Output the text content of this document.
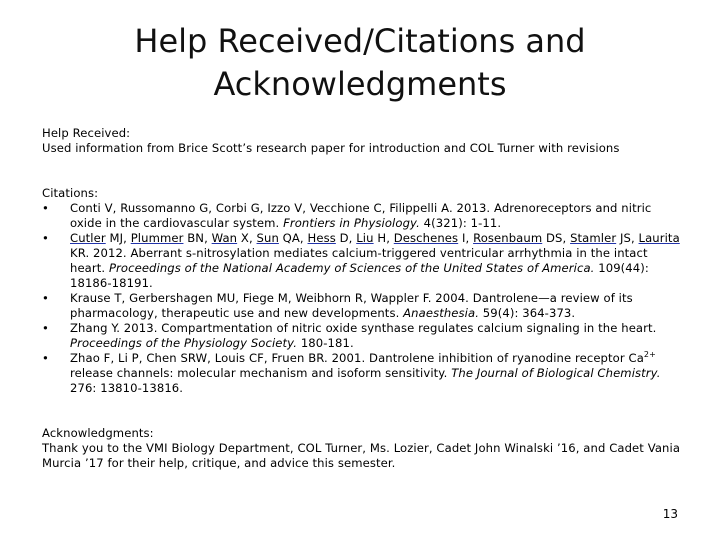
Help Received/Citations and
Acknowledgments

Help Received:

Used information from Brice Scott’s research paper for introduction and COL Turner with revisions

Citations:

• Conti V, Russomanno G, Corbi G, Izzo V, Vecchione C, Filippelli A. 2013. Adrenoreceptors and nitric oxide in the cardiovascular system. Frontiers in Physiology. 4(321): 1-11.
• Cutler MJ, Plummer BN, Wan X, Sun QA, Hess D, Liu H, Deschenes I, Rosenbaum DS, Stamler JS, Laurita KR. 2012. Aberrant s-nitrosylation mediates calcium-triggered ventricular arrhythmia in the intact heart. Proceedings of the National Academy of Sciences of the United States of America. 109(44): 18186-18191.
• Krause T, Gerbershagen MU, Fiege M, Weibhorn R, Wappler F. 2004. Dantrolene—a review of its pharmacology, therapeutic use and new developments. Anaesthesia. 59(4): 364-373.
• Zhang Y. 2013. Compartmentation of nitric oxide synthase regulates calcium signaling in the heart. Proceedings of the Physiology Society. 180-181.
• Zhao F, Li P, Chen SRW, Louis CF, Fruen BR. 2001. Dantrolene inhibition of ryanodine receptor $Ca^{2+}$ release channels: molecular mechanism and isoform sensitivity. The Journal of Biological Chemistry. 276: 13810-13816.

Acknowledgments:

Thank you to the VMI Biology Department, COL Turner, Ms. Lozier, Cadet John Winalski ’16, and Cadet Vania Murcia ’17 for their help, critique, and advice this semester.

13
